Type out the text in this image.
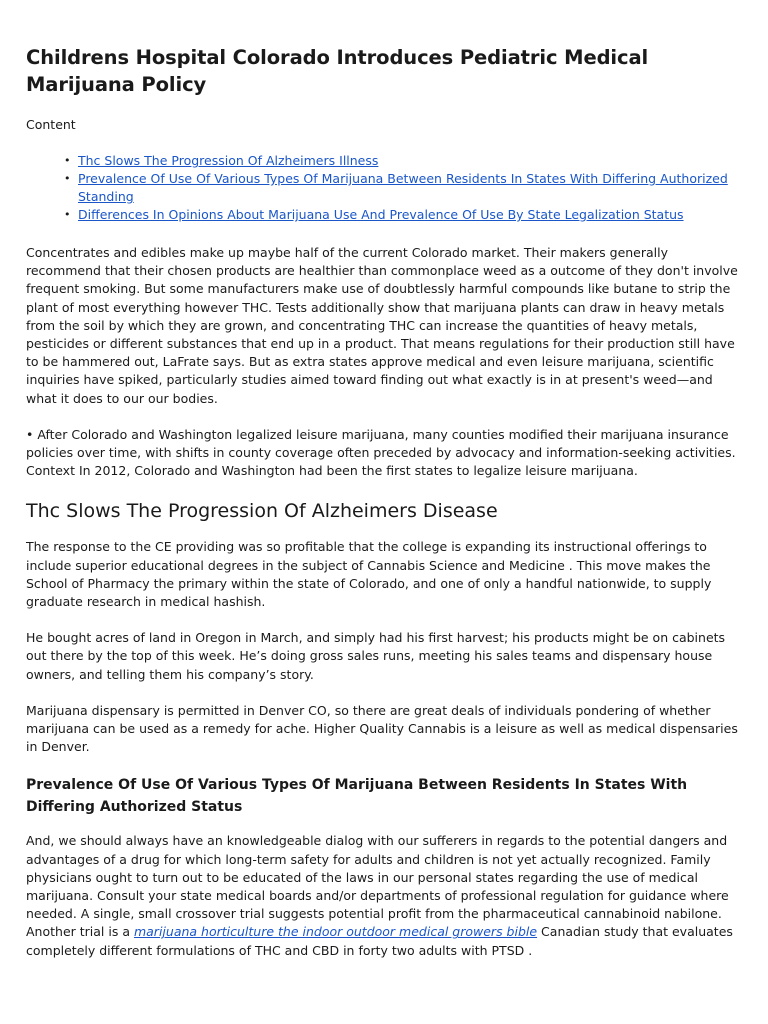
Childrens Hospital Colorado Introduces Pediatric Medical Marijuana Policy
Content
• Thc Slows The Progression Of Alzheimers Illness
• Prevalence Of Use Of Various Types Of Marijuana Between Residents In States With Differing Authorized Standing
• Differences In Opinions About Marijuana Use And Prevalence Of Use By State Legalization Status

Concentrates and edibles make up maybe half of the current Colorado market. Their makers generally recommend that their chosen products are healthier than commonplace weed as a outcome of they don't involve frequent smoking. But some manufacturers make use of doubtlessly harmful compounds like butane to strip the plant of most everything however THC. Tests additionally show that marijuana plants can draw in heavy metals from the soil by which they are grown, and concentrating THC can increase the quantities of heavy metals, pesticides or different substances that end up in a product. That means regulations for their production still have to be hammered out, LaFrate says. But as extra states approve medical and even leisure marijuana, scientific inquiries have spiked, particularly studies aimed toward finding out what exactly is in at present's weed—and what it does to our our bodies.

• After Colorado and Washington legalized leisure marijuana, many counties modified their marijuana insurance policies over time, with shifts in county coverage often preceded by advocacy and information-seeking activities. Context In 2012, Colorado and Washington had been the first states to legalize leisure marijuana.

Thc Slows The Progression Of Alzheimers Disease

The response to the CE providing was so profitable that the college is expanding its instructional offerings to include superior educational degrees in the subject of Cannabis Science and Medicine . This move makes the School of Pharmacy the primary within the state of Colorado, and one of only a handful nationwide, to supply graduate research in medical hashish.

He bought acres of land in Oregon in March, and simply had his first harvest; his products might be on cabinets out there by the top of this week. He’s doing gross sales runs, meeting his sales teams and dispensary house owners, and telling them his company’s story.

Marijuana dispensary is permitted in Denver CO, so there are great deals of individuals pondering of whether marijuana can be used as a remedy for ache. Higher Quality Cannabis is a leisure as well as medical dispensaries in Denver.

Prevalence Of Use Of Various Types Of Marijuana Between Residents In States With Differing Authorized Status

And, we should always have an knowledgeable dialog with our sufferers in regards to the potential dangers and advantages of a drug for which long-term safety for adults and children is not yet actually recognized. Family physicians ought to turn out to be educated of the laws in our personal states regarding the use of medical marijuana. Consult your state medical boards and/or departments of professional regulation for guidance where needed. A single, small crossover trial suggests potential profit from the pharmaceutical cannabinoid nabilone. Another trial is a marijuana horticulture the indoor outdoor medical growers bible Canadian study that evaluates completely different formulations of THC and CBD in forty two adults with PTSD .
